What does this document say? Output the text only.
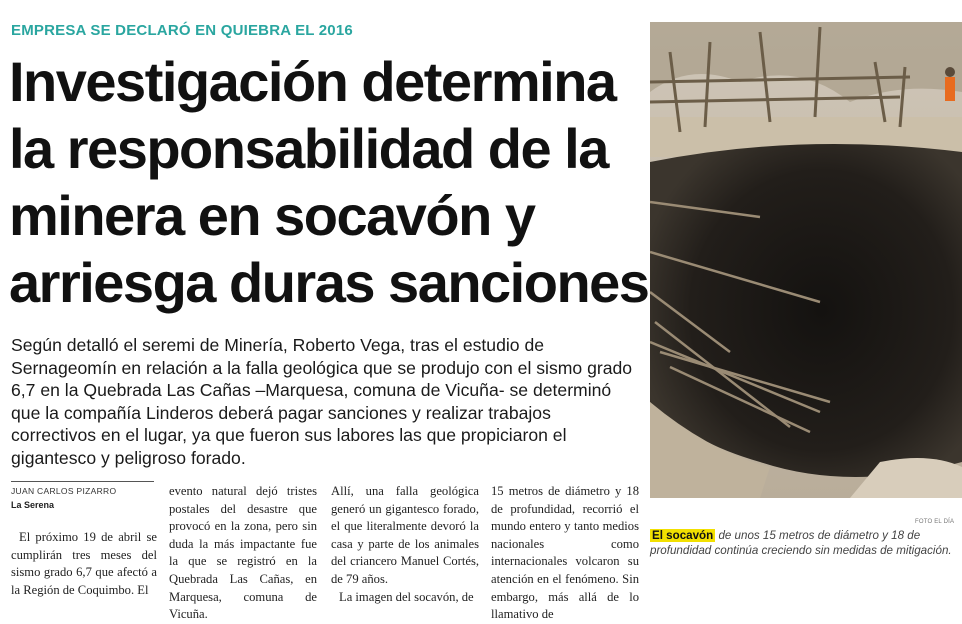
EMPRESA SE DECLARÓ EN QUIEBRA EL 2016
Investigación determina
la responsabilidad de la
minera en socavón y
arriesga duras sanciones

Según detalló el seremi de Minería, Roberto Vega, tras el estudio de Sernageomín en relación a la falla geológica que se produjo con el sismo grado 6,7 en la Quebrada Las Cañas –Marquesa, comuna de Vicuña- se determinó que la compañía Linderos deberá pagar sanciones y realizar trabajos correctivos en el lugar, ya que fueron sus labores las que propiciaron el gigantesco y peligroso forado.

JUAN CARLOS PIZARRO
La Serena

El próximo 19 de abril se cumplirán tres meses del sismo grado 6,7 que afectó a la Región de Coquimbo. El

evento natural dejó tristes postales del desastre que provocó en la zona, pero sin duda la más impactante fue la que se registró en la Quebrada Las Cañas, en Marquesa, comuna de Vicuña.

Allí, una falla geológica generó un gigantesco forado, el que literalmente devoró la casa y parte de los animales del criancero Manuel Cortés, de 79 años.

La imagen del socavón, de

15 metros de diámetro y 18 de profundidad, recorrió el mundo entero y tanto medios nacionales como internacionales volcaron su atención en el fenómeno. Sin embargo, más allá de lo llamativo de

FOTO EL DÍA

El socavón de unos 15 metros de diámetro y 18 de profundidad continúa creciendo sin medidas de mitigación.
